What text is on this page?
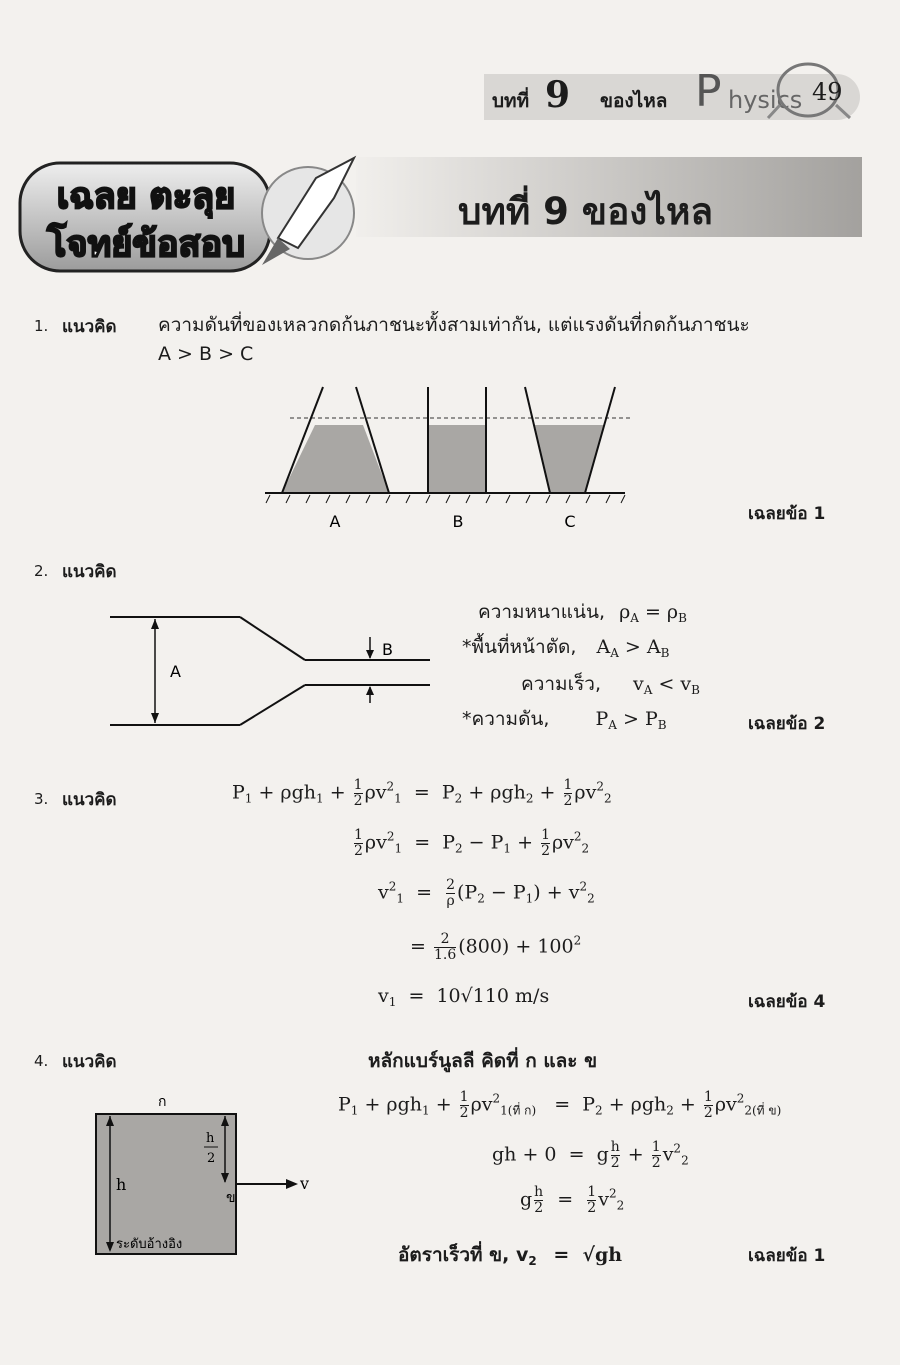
บทที่ 9 ของไหล P hysics 49
เฉลย ตะลุย
โจทย์ข้อสอบ
บทที่ 9 ของไหล
1. แนวคิด ความดันที่ของเหลวกดก้นภาชนะทั้งสามเท่ากัน, แต่แรงดันที่กดก้นภาชนะ
A > B > C
A	B	C	เฉลยข้อ 1
2. แนวคิด
A
B
ความหนาแน่น, $\rho_A = \rho_B$
*พื้นที่หน้าตัด, $A_A > A_B$
ความเร็ว, $v_A < v_B$
*ความดัน, $P_A > P_B$	เฉลยข้อ 2
3. แนวคิด	$P_1 + \rho gh_1 + \frac{1}{2} \rho v^2_1 = P_2 + \rho gh_2 + \frac{1}{2} \rho v^2_2$
$\frac{1}{2} \rho v^2_1 = P_2 - P_1 + \frac{1}{2} \rho v^2_2$
$v^2_1 = \frac{2}{\rho} (P_2 - P_1) + v^2_2$
= $\frac{2}{1.6} (800) + 100^2$
$v_1 = 10√110$ m/s	เฉลยข้อ 4
4. แนวคิด	หลักแบร์นูลลี คิดที่ ก และ ข
ก
ข
h	v
ระดับอ้างอิง
h
2
$P_1 + \rho gh_1 + \frac{1}{2} \rho v^2_{1(ที่ ก)} = P_2 + \rho gh_2 + \frac{1}{2} \rho v^2_{2(ที่ ข)}$
gh + 0  =  g $\frac{h}{2} + \frac{1}{2} v^2_2$
g $\frac{h}{2} = \frac{1}{2} v^2_2$
อัตราเร็วที่ ข, $v_2 = √gh$	เฉลยข้อ 1
